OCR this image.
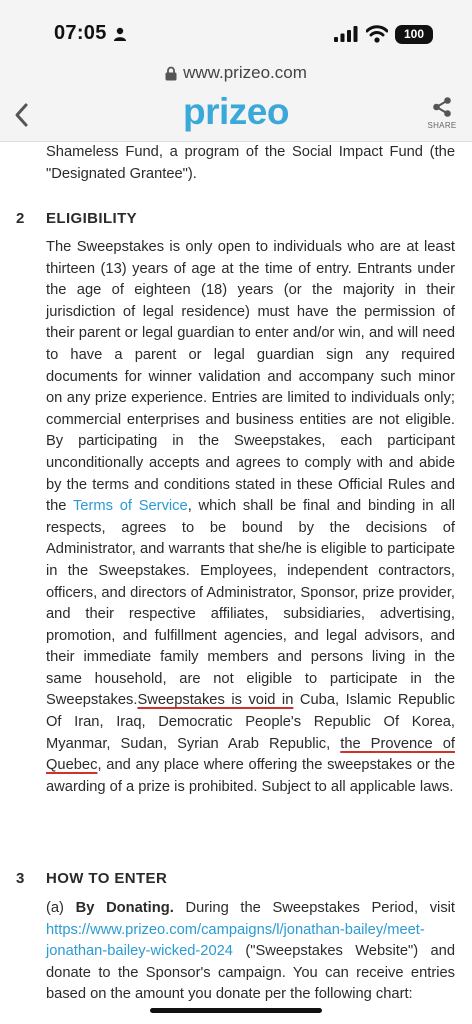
07:05	100
www.prizeo.com
prizeo	SHARE

Shameless Fund, a program of the Social Impact Fund (the "Designated Grantee").

2 ELIGIBILITY

The Sweepstakes is only open to individuals who are at least thirteen (13) years of age at the time of entry. Entrants under the age of eighteen (18) years (or the majority in their jurisdiction of legal residence) must have the permission of their parent or legal guardian to enter and/or win, and will need to have a parent or legal guardian sign any required documents for winner validation and accompany such minor on any prize experience. Entries are limited to individuals only; commercial enterprises and business entities are not eligible. By participating in the Sweepstakes, each participant unconditionally accepts and agrees to comply with and abide by the terms and conditions stated in these Official Rules and the Terms of Service, which shall be final and binding in all respects, agrees to be bound by the decisions of Administrator, and warrants that she/he is eligible to participate in the Sweepstakes. Employees, independent contractors, officers, and directors of Administrator, Sponsor, prize provider, and their respective affiliates, subsidiaries, advertising, promotion, and fulfillment agencies, and legal advisors, and their immediate family members and persons living in the same household, are not eligible to participate in the Sweepstakes.Sweepstakes is void in Cuba, Islamic Republic Of Iran, Iraq, Democratic People's Republic Of Korea, Myanmar, Sudan, Syrian Arab Republic, the Provence of Quebec, and any place where offering the sweepstakes or the awarding of a prize is prohibited. Subject to all applicable laws.

3 HOW TO ENTER

(a) By Donating. During the Sweepstakes Period, visit https://www.prizeo.com/campaigns/l/jonathan-bailey/meet-jonathan-bailey-wicked-2024 ("Sweepstakes Website") and donate to the Sponsor's campaign. You can receive entries based on the amount you donate per the following chart:
